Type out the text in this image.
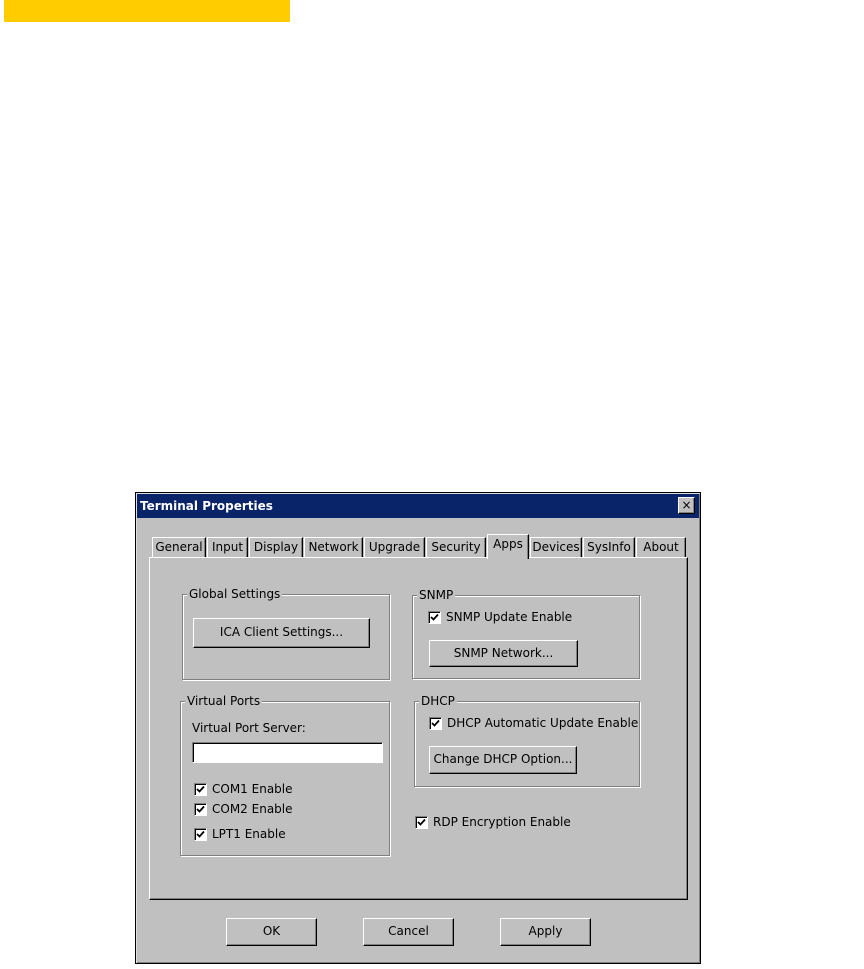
Terminal Properties	×
General Input Display Network Upgrade Security	Apps Devices SysInfo	About
Global Settings
ICA Client Settings...
SNMP
SNMP Update Enable
SNMP Network...
Virtual Ports
Virtual Port Server:
COM1 Enable
COM2 Enable
LPT1 Enable
DHCP
DHCP Automatic Update Enable
Change DHCP Option...
RDP Encryption Enable
OK	Cancel	Apply
